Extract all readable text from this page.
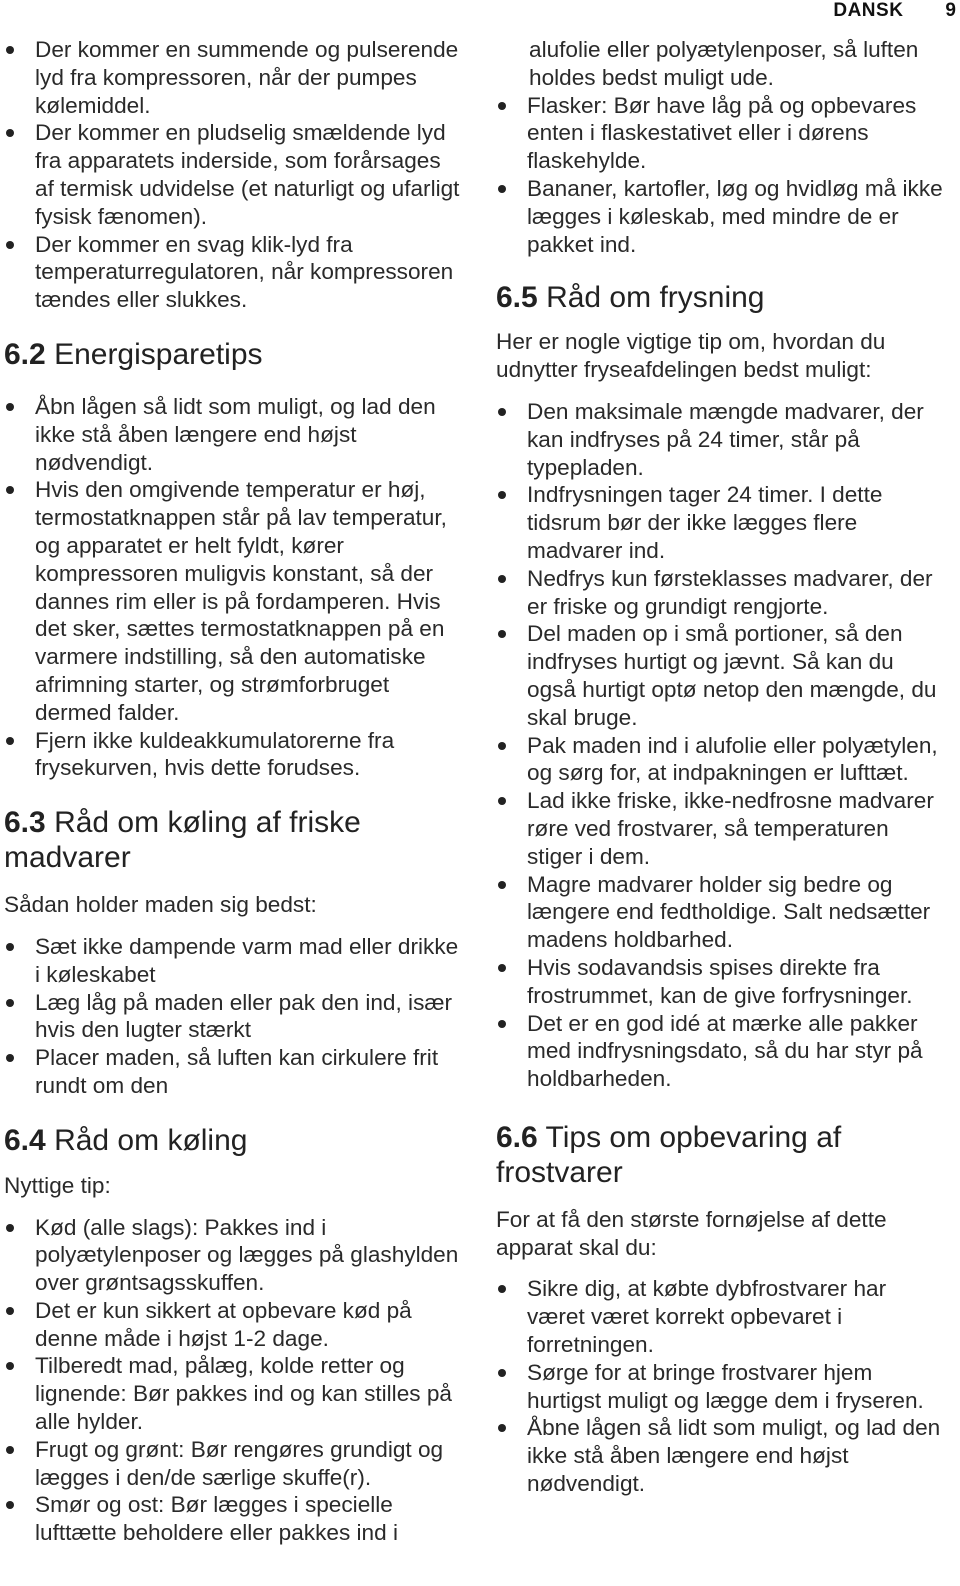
DANSK 9
Der kommer en summende og pulserende lyd fra kompressoren, når der pumpes kølemiddel.
Der kommer en pludselig smældende lyd fra apparatets inderside, som forårsages af termisk udvidelse (et naturligt og ufarligt fysisk fænomen).
Der kommer en svag klik-lyd fra temperaturregulatoren, når kompressoren tændes eller slukkes.
6.2 Energisparetips
Åbn lågen så lidt som muligt, og lad den ikke stå åben længere end højst nødvendigt.
Hvis den omgivende temperatur er høj, termostatknappen står på lav temperatur, og apparatet er helt fyldt, kører kompressoren muligvis konstant, så der dannes rim eller is på fordamperen. Hvis det sker, sættes termostatknappen på en varmere indstilling, så den automatiske afrimning starter, og strømforbruget dermed falder.
Fjern ikke kuldeakkumulatorerne fra frysekurven, hvis dette forudses.
6.3 Råd om køling af friske madvarer

Sådan holder maden sig bedst:

Sæt ikke dampende varm mad eller drikke i køleskabet
Læg låg på maden eller pak den ind, især hvis den lugter stærkt
Placer maden, så luften kan cirkulere frit rundt om den
6.4 Råd om køling

Nyttige tip:

Kød (alle slags): Pakkes ind i polyætylenposer og lægges på glashylden over grøntsagsskuffen.
Det er kun sikkert at opbevare kød på denne måde i højst 1-2 dage.
Tilberedt mad, pålæg, kolde retter og lignende: Bør pakkes ind og kan stilles på alle hylder.
Frugt og grønt: Bør rengøres grundigt og lægges i den/de særlige skuffe(r).
Smør og ost: Bør lægges i specielle lufttætte beholdere eller pakkes ind i

alufolie eller polyætylenposer, så luften holdes bedst muligt ude.

Flasker: Bør have låg på og opbevares enten i flaskestativet eller i dørens flaskehylde.
Bananer, kartofler, løg og hvidløg må ikke lægges i køleskab, med mindre de er pakket ind.
6.5 Råd om frysning

Her er nogle vigtige tip om, hvordan du udnytter fryseafdelingen bedst muligt:

Den maksimale mængde madvarer, der kan indfryses på 24 timer, står på typepladen.
Indfrysningen tager 24 timer. I dette tidsrum bør der ikke lægges flere madvarer ind.
Nedfrys kun førsteklasses madvarer, der er friske og grundigt rengjorte.
Del maden op i små portioner, så den indfryses hurtigt og jævnt. Så kan du også hurtigt optø netop den mængde, du skal bruge.
Pak maden ind i alufolie eller polyætylen, og sørg for, at indpakningen er lufttæt.
Lad ikke friske, ikke-nedfrosne madvarer røre ved frostvarer, så temperaturen stiger i dem.
Magre madvarer holder sig bedre og længere end fedtholdige. Salt nedsætter madens holdbarhed.
Hvis sodavandsis spises direkte fra frostrummet, kan de give forfrysninger.
Det er en god idé at mærke alle pakker med indfrysningsdato, så du har styr på holdbarheden.
6.6 Tips om opbevaring af frostvarer

For at få den største fornøjelse af dette apparat skal du:

Sikre dig, at købte dybfrostvarer har været været korrekt opbevaret i forretningen.
Sørge for at bringe frostvarer hjem hurtigst muligt og lægge dem i fryseren.
Åbne lågen så lidt som muligt, og lad den ikke stå åben længere end højst nødvendigt.
